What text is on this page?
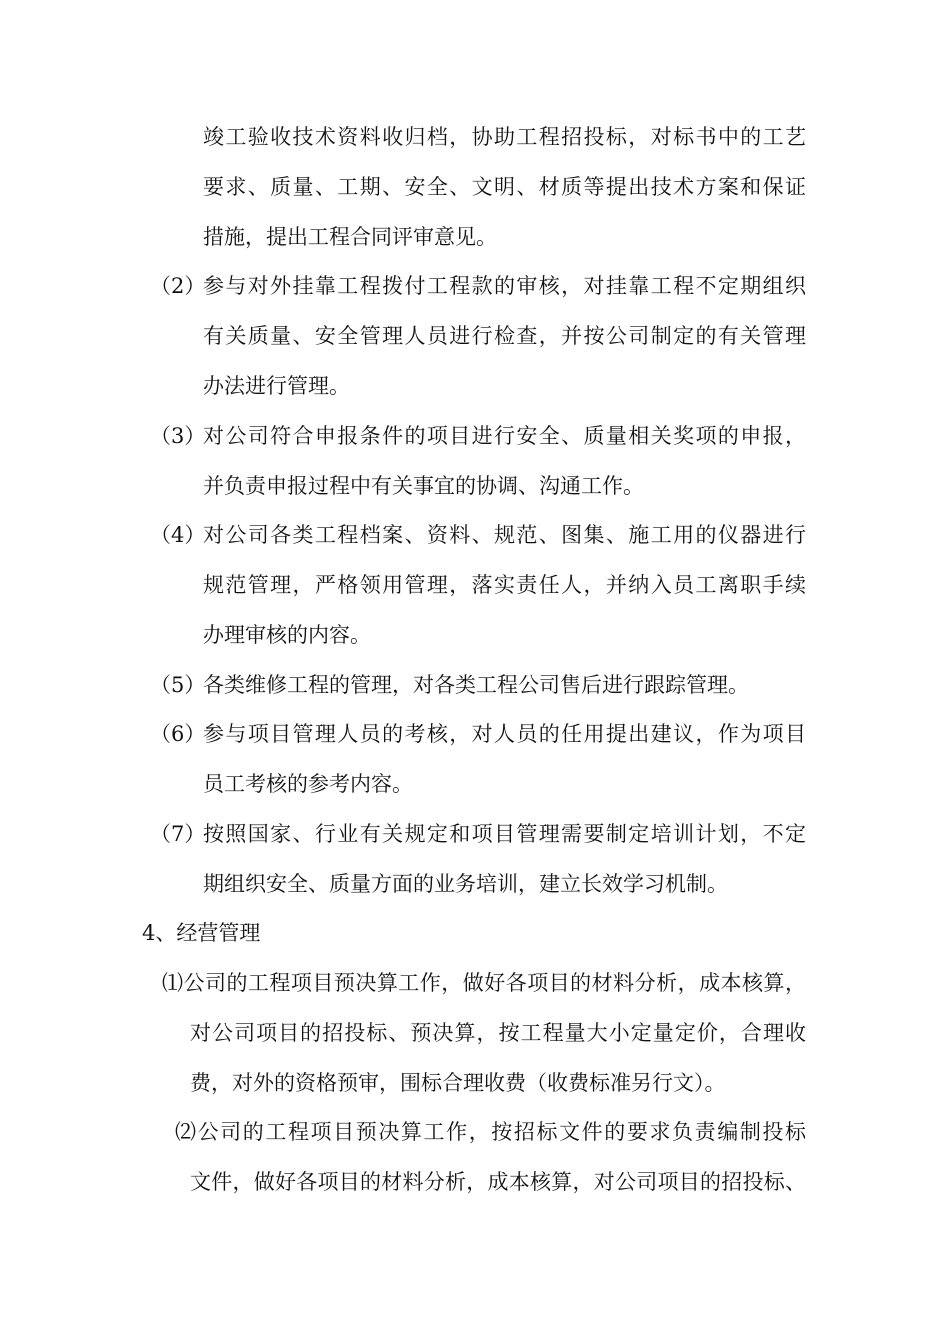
竣工验收技术资料收归档，协助工程招投标，对标书中的工艺
要求、质量、工期、安全、文明、材质等提出技术方案和保证
措施，提出工程合同评审意见。
（2）参与对外挂靠工程拨付工程款的审核，对挂靠工程不定期组织
有关质量、安全管理人员进行检查，并按公司制定的有关管理
办法进行管理。
（3）对公司符合申报条件的项目进行安全、质量相关奖项的申报，
并负责申报过程中有关事宜的协调、沟通工作。
（4）对公司各类工程档案、资料、规范、图集、施工用的仪器进行
规范管理，严格领用管理，落实责任人，并纳入员工离职手续
办理审核的内容。
（5）各类维修工程的管理，对各类工程公司售后进行跟踪管理。
（6）参与项目管理人员的考核，对人员的任用提出建议，作为项目
员工考核的参考内容。
（7）按照国家、行业有关规定和项目管理需要制定培训计划，不定
期组织安全、质量方面的业务培训，建立长效学习机制。
4、经营管理
⑴公司的工程项目预决算工作，做好各项目的材料分析，成本核算，
对公司项目的招投标、预决算，按工程量大小定量定价，合理收
费，对外的资格预审，围标合理收费（收费标准另行文）。
⑵公司的工程项目预决算工作，按招标文件的要求负责编制投标
文件，做好各项目的材料分析，成本核算，对公司项目的招投标、
